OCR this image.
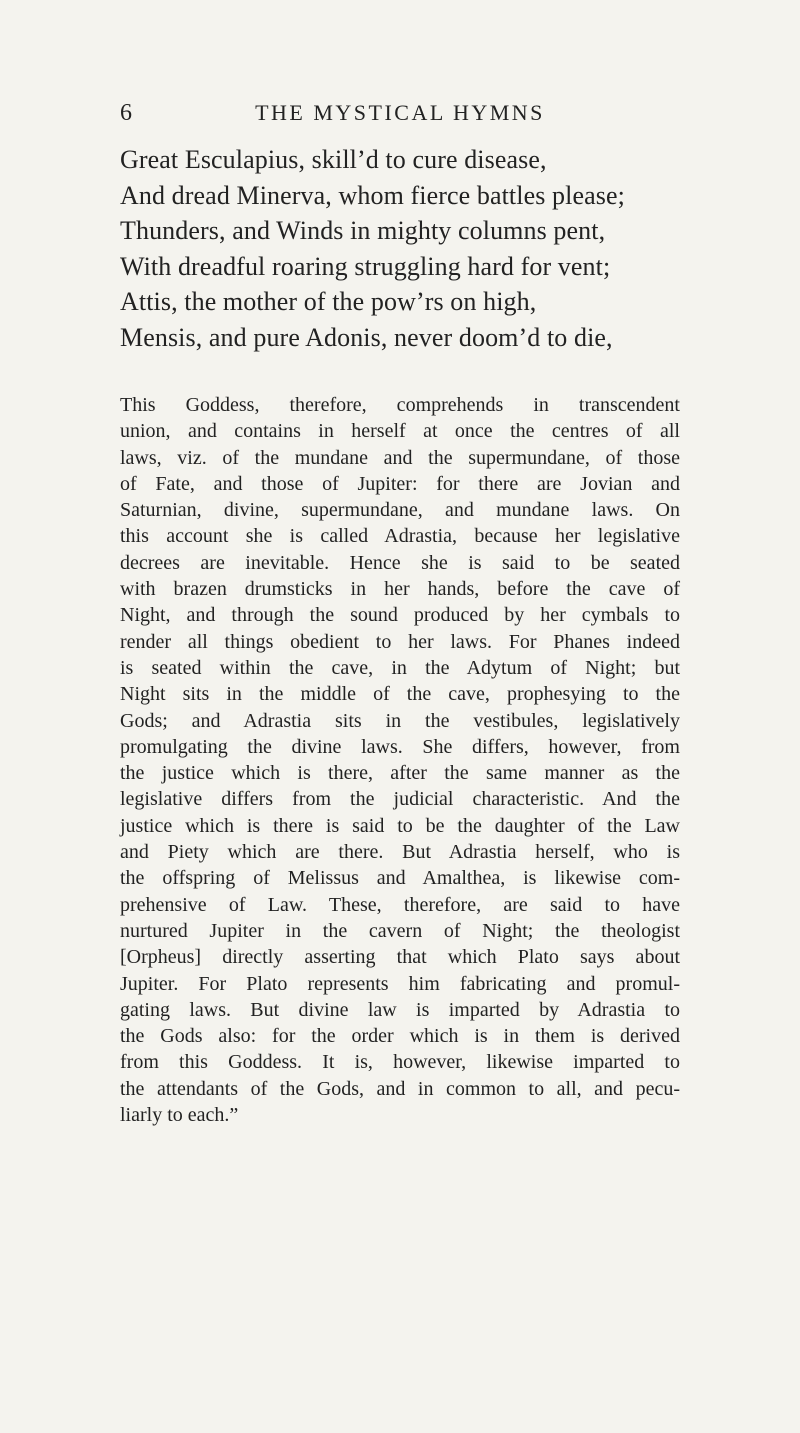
6	THE MYSTICAL HYMNS
Great Esculapius, skill’d to cure disease,
And dread Minerva, whom fierce battles please;
Thunders, and Winds in mighty columns pent,
With dreadful roaring struggling hard for vent;
Attis, the mother of the pow’rs on high,
Mensis, and pure Adonis, never doom’d to die,
This Goddess, therefore, comprehends in transcendent
union, and contains in herself at once the centres of all
laws, viz. of the mundane and the supermundane, of those
of Fate, and those of Jupiter: for there are Jovian and
Saturnian, divine, supermundane, and mundane laws. On
this account she is called Adrastia, because her legislative
decrees are inevitable. Hence she is said to be seated
with brazen drumsticks in her hands, before the cave of
Night, and through the sound produced by her cymbals to
render all things obedient to her laws. For Phanes indeed
is seated within the cave, in the Adytum of Night; but
Night sits in the middle of the cave, prophesying to the
Gods; and Adrastia sits in the vestibules, legislatively
promulgating the divine laws. She differs, however, from
the justice which is there, after the same manner as the
legislative differs from the judicial characteristic. And the
justice which is there is said to be the daughter of the Law
and Piety which are there. But Adrastia herself, who is
the offspring of Melissus and Amalthea, is likewise com-
prehensive of Law. These, therefore, are said to have
nurtured Jupiter in the cavern of Night; the theologist
[Orpheus] directly asserting that which Plato says about
Jupiter. For Plato represents him fabricating and promul-
gating laws. But divine law is imparted by Adrastia to
the Gods also: for the order which is in them is derived
from this Goddess. It is, however, likewise imparted to
the attendants of the Gods, and in common to all, and pecu-
liarly to each.”
